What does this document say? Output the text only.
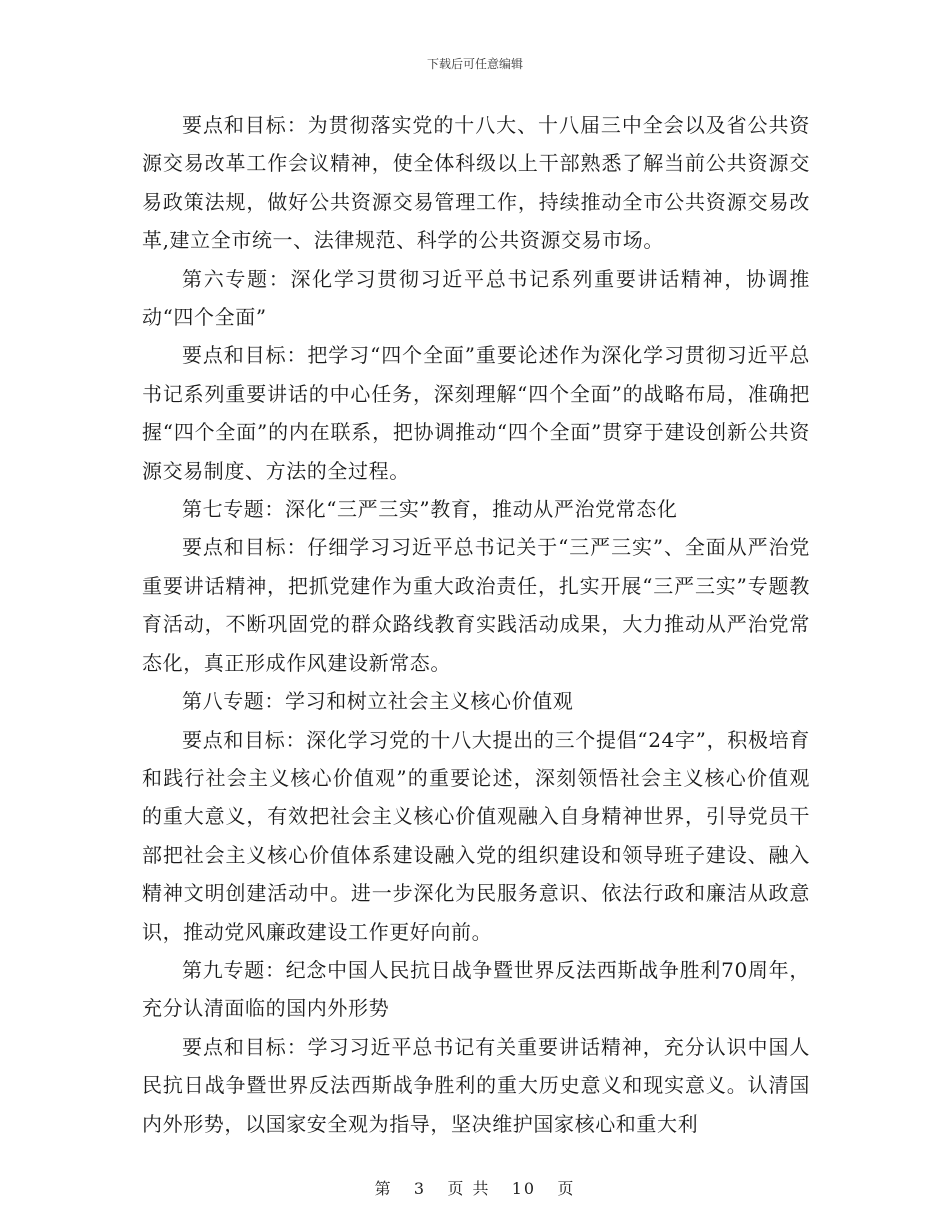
下载后可任意编辑

要点和目标：为贯彻落实党的十八大、十八届三中全会以及省公共资源交易改革工作会议精神，使全体科级以上干部熟悉了解当前公共资源交易政策法规，做好公共资源交易管理工作，持续推动全市公共资源交易改革,建立全市统一、法律规范、科学的公共资源交易市场。

第六专题：深化学习贯彻习近平总书记系列重要讲话精神，协调推动“四个全面”

要点和目标：把学习“四个全面”重要论述作为深化学习贯彻习近平总书记系列重要讲话的中心任务，深刻理解“四个全面”的战略布局，准确把握“四个全面”的内在联系，把协调推动“四个全面”贯穿于建设创新公共资源交易制度、方法的全过程。

第七专题：深化“三严三实”教育，推动从严治党常态化

要点和目标：仔细学习习近平总书记关于“三严三实”、全面从严治党重要讲话精神，把抓党建作为重大政治责任，扎实开展“三严三实”专题教育活动，不断巩固党的群众路线教育实践活动成果，大力推动从严治党常态化，真正形成作风建设新常态。

第八专题：学习和树立社会主义核心价值观

要点和目标：深化学习党的十八大提出的三个提倡“24字”，积极培育和践行社会主义核心价值观”的重要论述，深刻领悟社会主义核心价值观的重大意义，有效把社会主义核心价值观融入自身精神世界，引导党员干部把社会主义核心价值体系建设融入党的组织建设和领导班子建设、融入精神文明创建活动中。进一步深化为民服务意识、依法行政和廉洁从政意识，推动党风廉政建设工作更好向前。

第九专题：纪念中国人民抗日战争暨世界反法西斯战争胜利70周年，充分认清面临的国内外形势

要点和目标：学习习近平总书记有关重要讲话精神，充分认识中国人民抗日战争暨世界反法西斯战争胜利的重大历史意义和现实意义。认清国内外形势，以国家安全观为指导，坚决维护国家核心和重大利

第 3 页 共 10 页
